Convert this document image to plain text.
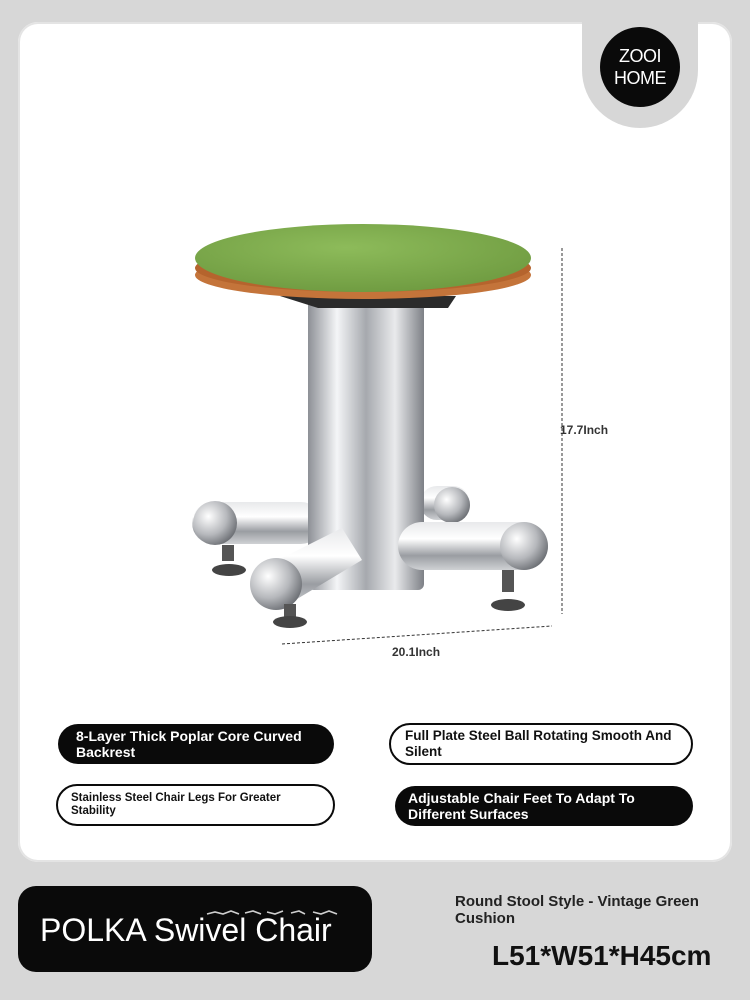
ZOOI
HOME
17.7Inch
20.1Inch
8-Layer Thick Poplar Core Curved Backrest
Full Plate Steel Ball Rotating Smooth And Silent
Stainless Steel Chair Legs For Greater Stability
Adjustable Chair Feet To Adapt To Different Surfaces
POLKA Swivel Chair
Round Stool Style - Vintage Green Cushion
L51*W51*H45cm
